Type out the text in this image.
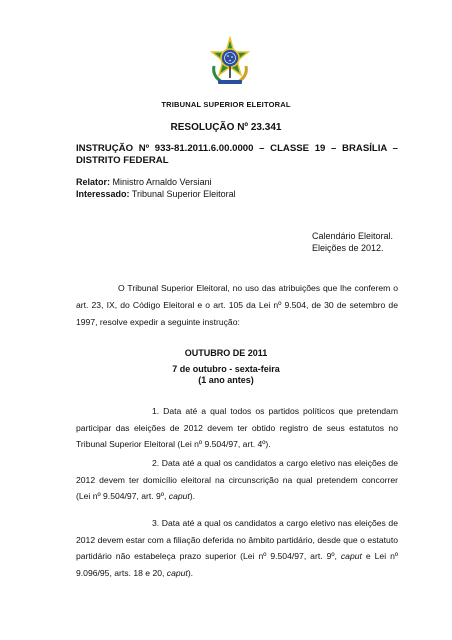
TRIBUNAL SUPERIOR ELEITORAL
RESOLUÇÃO Nº 23.341
INSTRUÇÃO Nº 933-81.2011.6.00.0000 – CLASSE 19 – BRASÍLIA –
DISTRITO FEDERAL
Relator: Ministro Arnaldo Versiani
Interessado: Tribunal Superior Eleitoral
Calendário Eleitoral.
Eleições de 2012.
O Tribunal Superior Eleitoral, no uso das atribuições que lhe conferem o art. 23, IX, do Código Eleitoral e o art. 105 da Lei nº 9.504, de 30 de setembro de 1997, resolve expedir a seguinte instrução:
OUTUBRO DE 2011
7 de outubro - sexta-feira
(1 ano antes)
1. Data até a qual todos os partidos políticos que pretendam participar das eleições de 2012 devem ter obtido registro de seus estatutos no Tribunal Superior Eleitoral (Lei nº 9.504/97, art. 4º).
2. Data até a qual os candidatos a cargo eletivo nas eleições de 2012 devem ter domicílio eleitoral na circunscrição na qual pretendem concorrer (Lei nº 9.504/97, art. 9º, caput).
3. Data até a qual os candidatos a cargo eletivo nas eleições de 2012 devem estar com a filiação deferida no âmbito partidário, desde que o estatuto partidário não estabeleça prazo superior (Lei nº 9.504/97, art. 9º, caput e Lei nº 9.096/95, arts. 18 e 20, caput).
